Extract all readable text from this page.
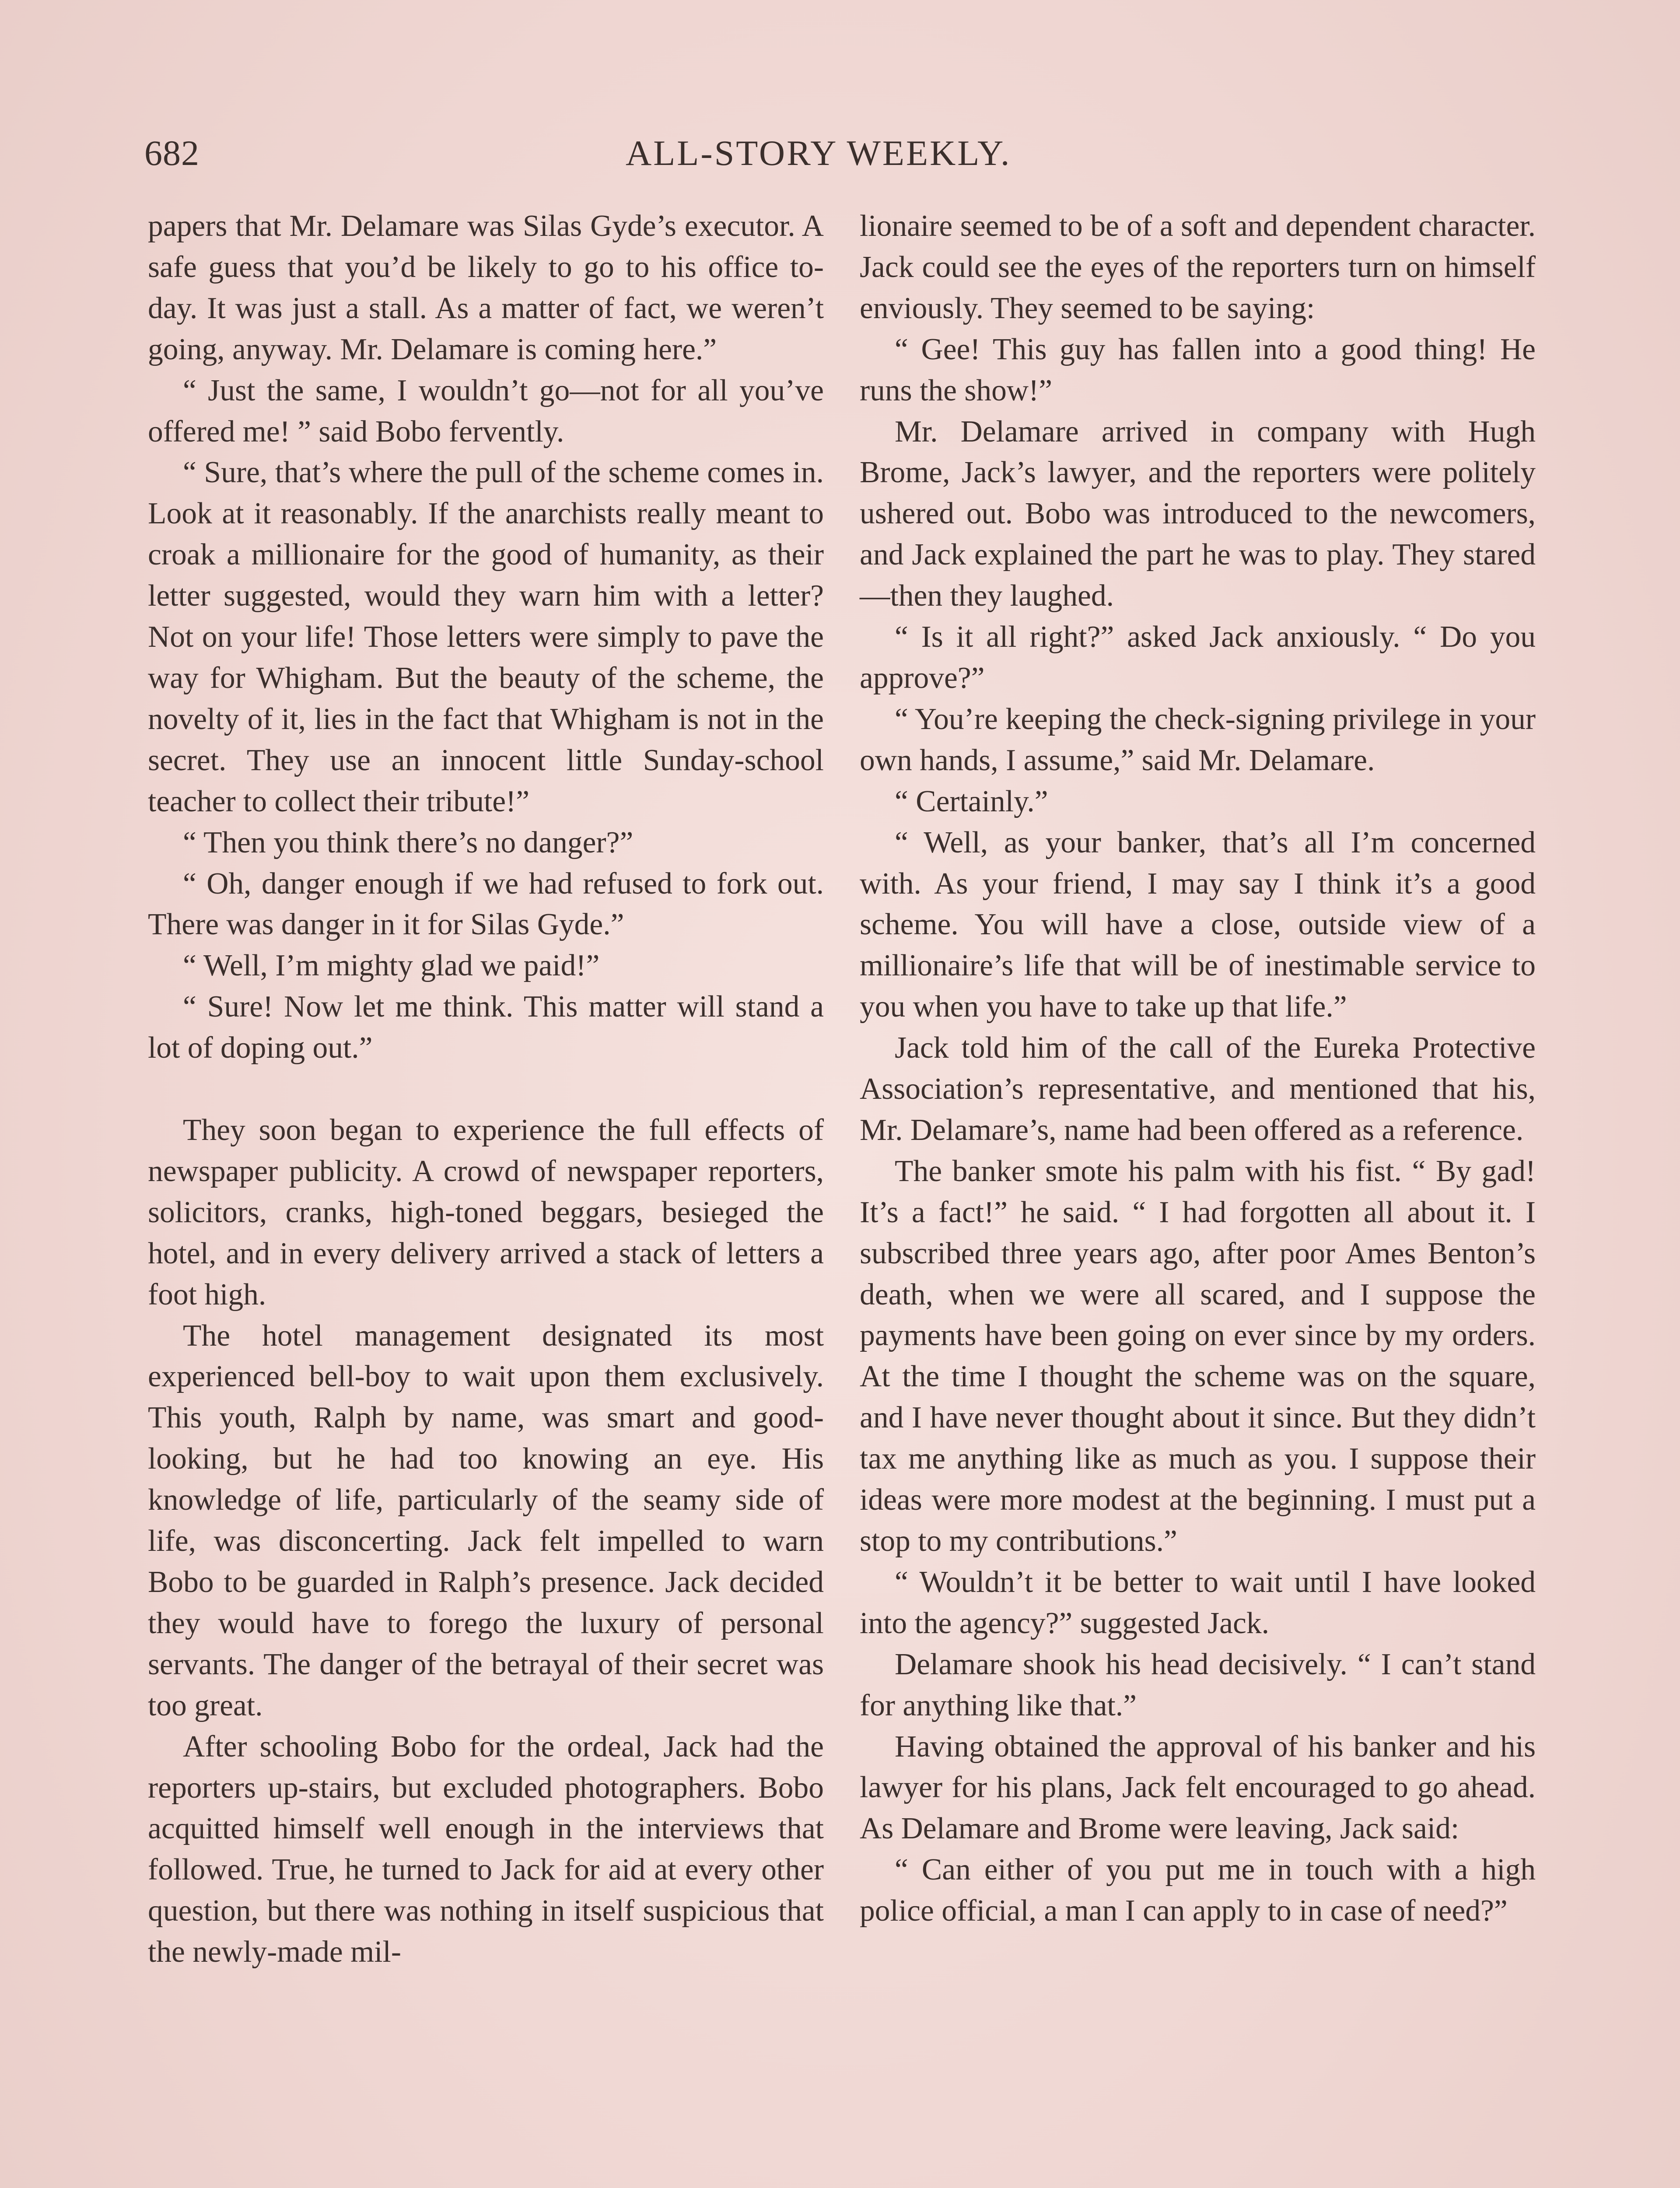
682	ALL-STORY WEEKLY.

papers that Mr. Delamare was Silas Gyde’s executor. A safe guess that you’d be likely to go to his office to-day. It was just a stall. As a matter of fact, we weren’t going, anyway. Mr. Delamare is coming here.”

“ Just the same, I wouldn’t go—not for all you’ve offered me! ” said Bobo fervently.

“ Sure, that’s where the pull of the scheme comes in. Look at it reasonably. If the anarchists really meant to croak a millionaire for the good of humanity, as their letter suggested, would they warn him with a letter? Not on your life! Those letters were simply to pave the way for Whigham. But the beauty of the scheme, the novelty of it, lies in the fact that Whigham is not in the secret. They use an innocent little Sunday-school teacher to collect their tribute!”

“ Then you think there’s no danger?”

“ Oh, danger enough if we had refused to fork out. There was danger in it for Silas Gyde.”

“ Well, I’m mighty glad we paid!”

“ Sure! Now let me think. This matter will stand a lot of doping out.”

They soon began to experience the full effects of newspaper publicity. A crowd of newspaper reporters, solicitors, cranks, high-toned beggars, besieged the hotel, and in every delivery arrived a stack of letters a foot high.

The hotel management designated its most experienced bell-boy to wait upon them exclusively. This youth, Ralph by name, was smart and good-looking, but he had too knowing an eye. His knowledge of life, particularly of the seamy side of life, was disconcerting. Jack felt impelled to warn Bobo to be guarded in Ralph’s presence. Jack decided they would have to forego the luxury of personal servants. The danger of the betrayal of their secret was too great.

After schooling Bobo for the ordeal, Jack had the reporters up-stairs, but excluded photographers. Bobo acquitted himself well enough in the interviews that followed. True, he turned to Jack for aid at every other question, but there was nothing in itself suspicious that the newly-made mil-

lionaire seemed to be of a soft and dependent character. Jack could see the eyes of the reporters turn on himself enviously. They seemed to be saying:

“ Gee! This guy has fallen into a good thing! He runs the show!”

Mr. Delamare arrived in company with Hugh Brome, Jack’s lawyer, and the reporters were politely ushered out. Bobo was introduced to the newcomers, and Jack explained the part he was to play. They stared—then they laughed.

“ Is it all right?” asked Jack anxiously. “ Do you approve?”

“ You’re keeping the check-signing privilege in your own hands, I assume,” said Mr. Delamare.

“ Certainly.”

“ Well, as your banker, that’s all I’m concerned with. As your friend, I may say I think it’s a good scheme. You will have a close, outside view of a millionaire’s life that will be of inestimable service to you when you have to take up that life.”

Jack told him of the call of the Eureka Protective Association’s representative, and mentioned that his, Mr. Delamare’s, name had been offered as a reference.

The banker smote his palm with his fist. “ By gad! It’s a fact!” he said. “ I had forgotten all about it. I subscribed three years ago, after poor Ames Benton’s death, when we were all scared, and I suppose the payments have been going on ever since by my orders. At the time I thought the scheme was on the square, and I have never thought about it since. But they didn’t tax me anything like as much as you. I suppose their ideas were more modest at the beginning. I must put a stop to my contributions.”

“ Wouldn’t it be better to wait until I have looked into the agency?” suggested Jack.

Delamare shook his head decisively. “ I can’t stand for anything like that.”

Having obtained the approval of his banker and his lawyer for his plans, Jack felt encouraged to go ahead. As Delamare and Brome were leaving, Jack said:

“ Can either of you put me in touch with a high police official, a man I can apply to in case of need?”
